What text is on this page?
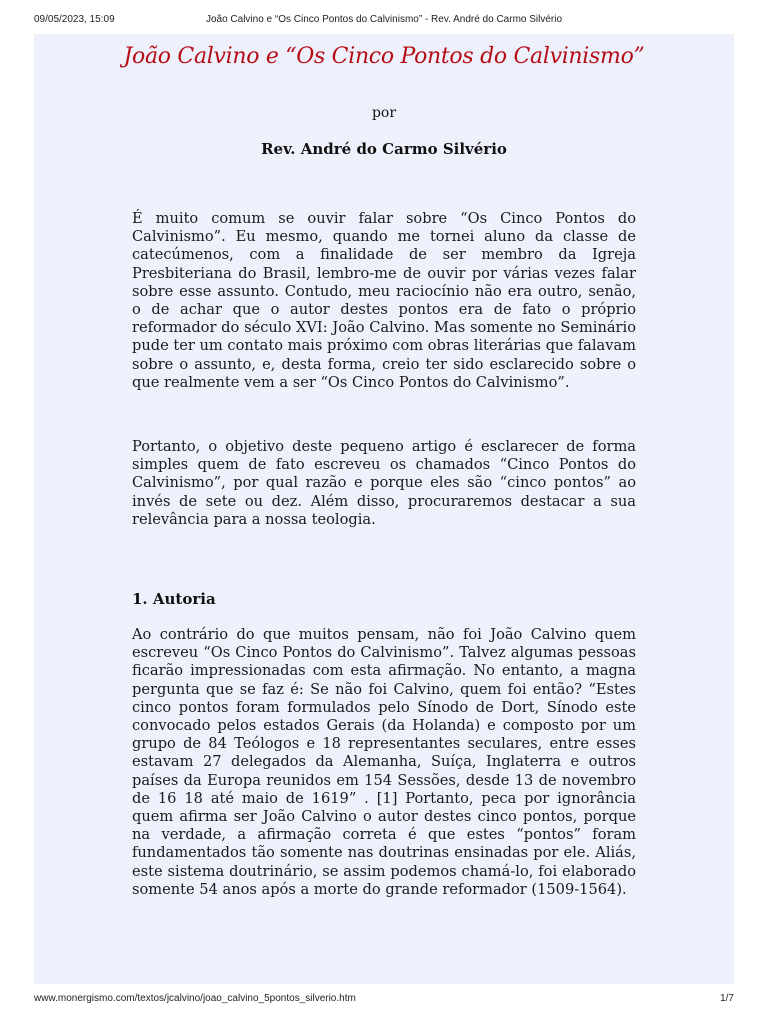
09/05/2023, 15:09	João Calvino e “Os Cinco Pontos do Calvinismo” - Rev. André do Carmo Silvério
João Calvino e “Os Cinco Pontos do Calvinismo”
por
Rev. André do Carmo Silvério
É muito comum se ouvir falar sobre “Os Cinco Pontos do Calvinismo”. Eu mesmo, quando me tornei aluno da classe de catecúmenos, com a finalidade de ser membro da Igreja Presbiteriana do Brasil, lembro-me de ouvir por várias vezes falar sobre esse assunto. Contudo, meu raciocínio não era outro, senão, o de achar que o autor destes pontos era de fato o próprio reformador do século XVI: João Calvino. Mas somente no Seminário pude ter um contato mais próximo com obras literárias que falavam sobre o assunto, e, desta forma, creio ter sido esclarecido sobre o que realmente vem a ser “Os Cinco Pontos do Calvinismo”.
Portanto, o objetivo deste pequeno artigo é esclarecer de forma simples quem de fato escreveu os chamados “Cinco Pontos do Calvinismo”, por qual razão e porque eles são “cinco pontos” ao invés de sete ou dez. Além disso, procuraremos destacar a sua relevância para a nossa teologia.
1. Autoria
Ao contrário do que muitos pensam, não foi João Calvino quem escreveu “Os Cinco Pontos do Calvinismo”. Talvez algumas pessoas ficarão impressionadas com esta afirmação. No entanto, a magna pergunta que se faz é: Se não foi Calvino, quem foi então? “Estes cinco pontos foram formulados pelo Sínodo de Dort, Sínodo este convocado pelos estados Gerais (da Holanda) e composto por um grupo de 84 Teólogos e 18 representantes seculares, entre esses estavam 27 delegados da Alemanha, Suíça, Inglaterra e outros países da Europa reunidos em 154 Sessões, desde 13 de novembro de 16 18 até maio de 1619” . [1] Portanto, peca por ignorância quem afirma ser João Calvino o autor destes cinco pontos, porque na verdade, a afirmação correta é que estes “pontos” foram fundamentados tão somente nas doutrinas ensinadas por ele. Aliás, este sistema doutrinário, se assim podemos chamá-lo, foi elaborado somente 54 anos após a morte do grande reformador (1509-1564).
www.monergismo.com/textos/jcalvino/joao_calvino_5pontos_silverio.htm	1/7
